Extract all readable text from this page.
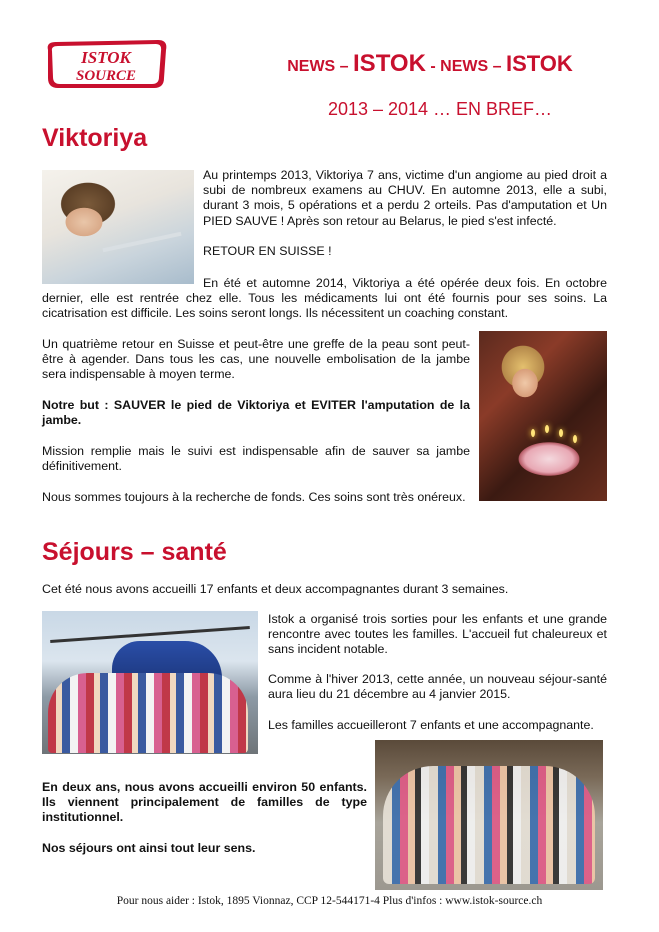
ISTOK
SOURCE
NEWS – ISTOK - NEWS – ISTOK
2013 – 2014 … EN BREF…
Viktoriya

Au printemps 2013, Viktoriya 7 ans, victime d'un angiome au pied droit a subi de nombreux examens au CHUV. En automne 2013, elle a subi, durant 3 mois, 5 opérations et a perdu 2 orteils. Pas d'amputation et Un PIED SAUVE ! Après son retour au Belarus, le pied s'est infecté.

RETOUR EN SUISSE !

En été et automne 2014, Viktoriya a été opérée deux fois. En octobre dernier, elle est rentrée chez elle. Tous les médicaments lui ont été fournis pour ses soins. La cicatrisation est difficile. Les soins seront longs. Ils nécessitent un coaching constant.

Un quatrième retour en Suisse et peut-être une greffe de la peau sont peut-être à agender. Dans tous les cas, une nouvelle embolisation de la jambe sera indispensable à moyen terme.

Notre but : SAUVER le pied de Viktoriya et EVITER l'amputation de la jambe.

Mission remplie mais le suivi est indispensable afin de sauver sa jambe définitivement.

Nous sommes toujours à la recherche de fonds. Ces soins sont très onéreux.

Séjours – santé

Cet été nous avons accueilli 17 enfants et deux accompagnantes durant 3 semaines.

Istok a organisé trois sorties pour les enfants et une grande rencontre avec toutes les familles. L'accueil fut chaleureux et sans incident notable.

Comme à l'hiver 2013, cette année, un nouveau séjour-santé aura lieu du 21 décembre au 4 janvier 2015.

Les familles accueilleront 7 enfants et une accompagnante.

En deux ans, nous avons accueilli environ 50 enfants. Ils viennent principalement de familles de type institutionnel.

Nos séjours ont ainsi tout leur sens.

Pour nous aider : Istok, 1895 Vionnaz, CCP 12-544171-4 Plus d'infos : www.istok-source.ch
